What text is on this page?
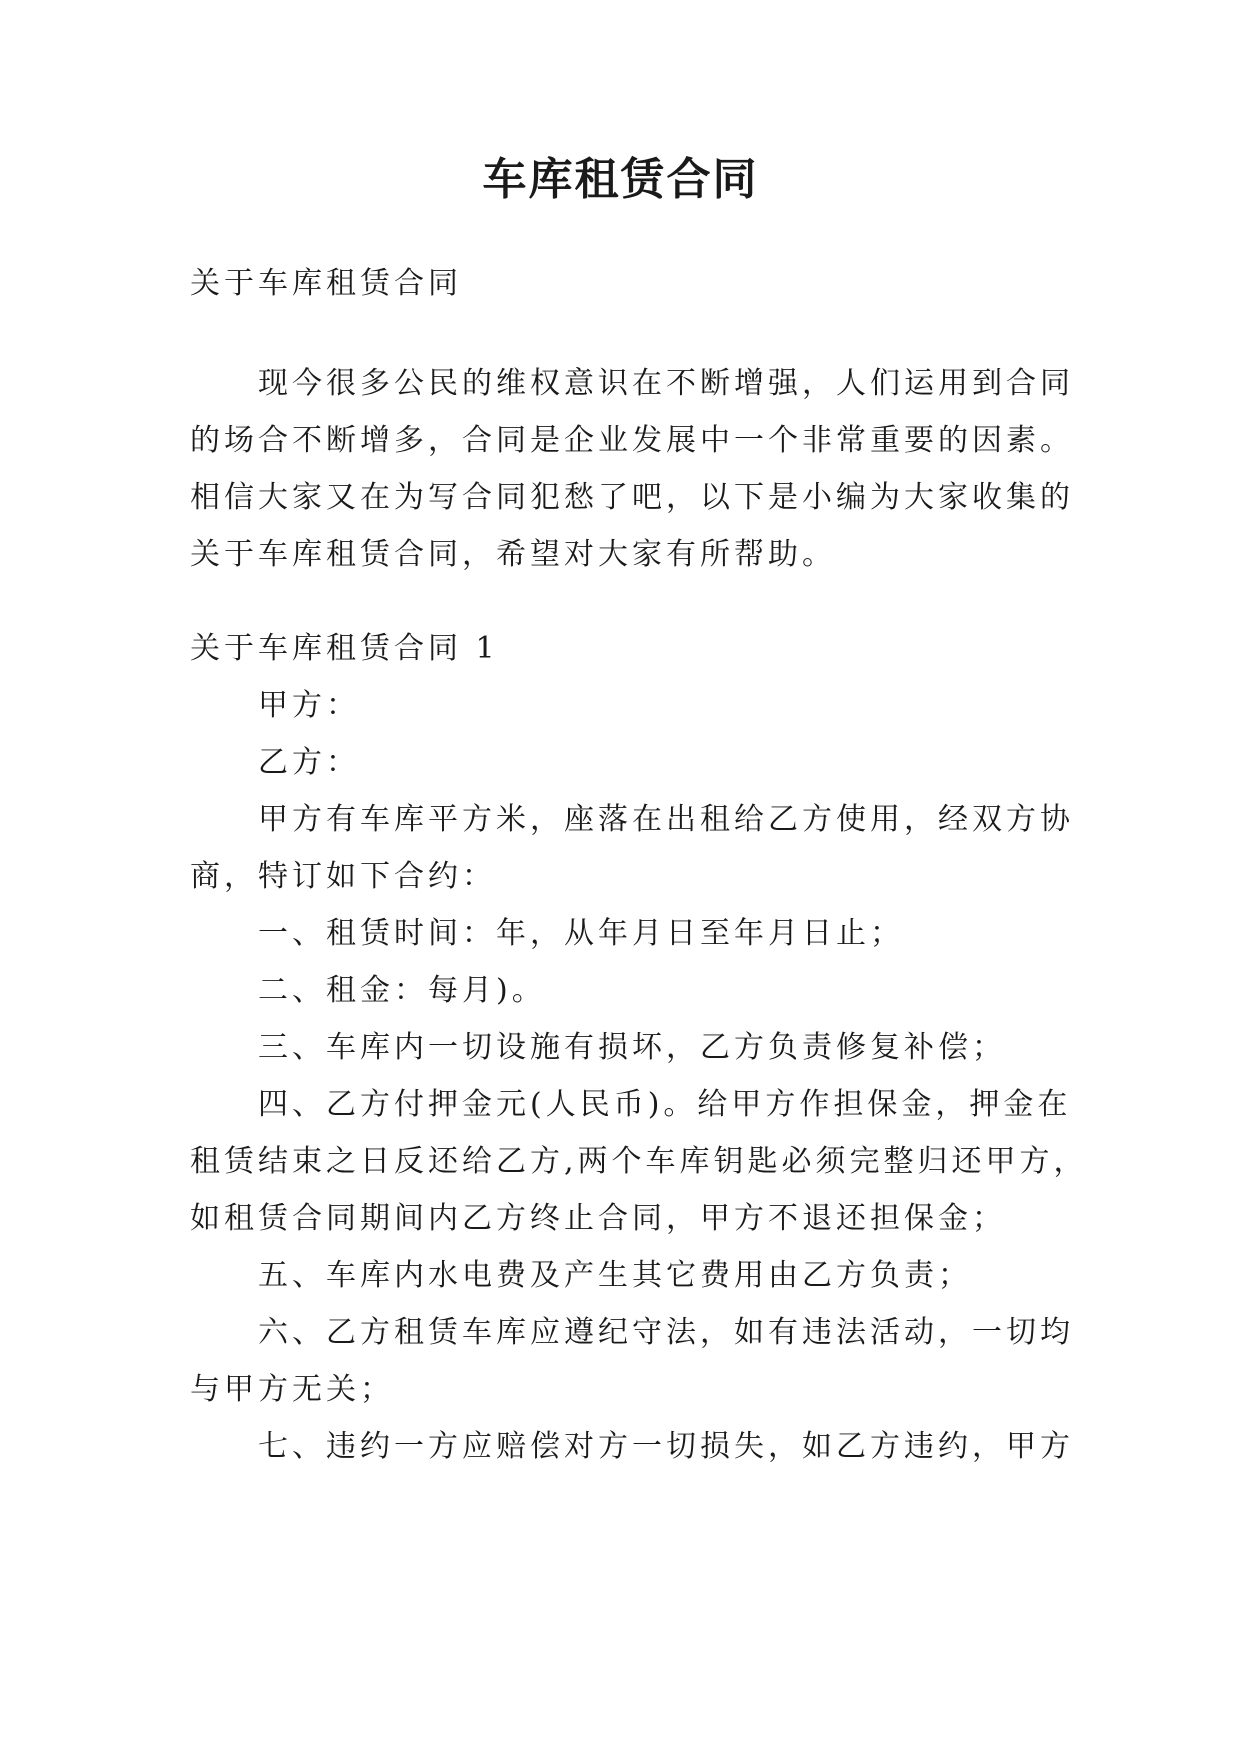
车库租赁合同
关于车库租赁合同
现今很多公民的维权意识在不断增强，人们运用到合同
的场合不断增多，合同是企业发展中一个非常重要的因素。
相信大家又在为写合同犯愁了吧，以下是小编为大家收集的
关于车库租赁合同，希望对大家有所帮助。
关于车库租赁合同 1
甲方：
乙方：
甲方有车库平方米，座落在出租给乙方使用，经双方协
商，特订如下合约：
一、租赁时间：年，从年月日至年月日止；
二、租金：每月)。
三、车库内一切设施有损坏，乙方负责修复补偿；
四、乙方付押金元(人民币)。给甲方作担保金，押金在
租赁结束之日反还给乙方,两个车库钥匙必须完整归还甲方，
如租赁合同期间内乙方终止合同，甲方不退还担保金；
五、车库内水电费及产生其它费用由乙方负责；
六、乙方租赁车库应遵纪守法，如有违法活动，一切均
与甲方无关；
七、违约一方应赔偿对方一切损失，如乙方违约，甲方
